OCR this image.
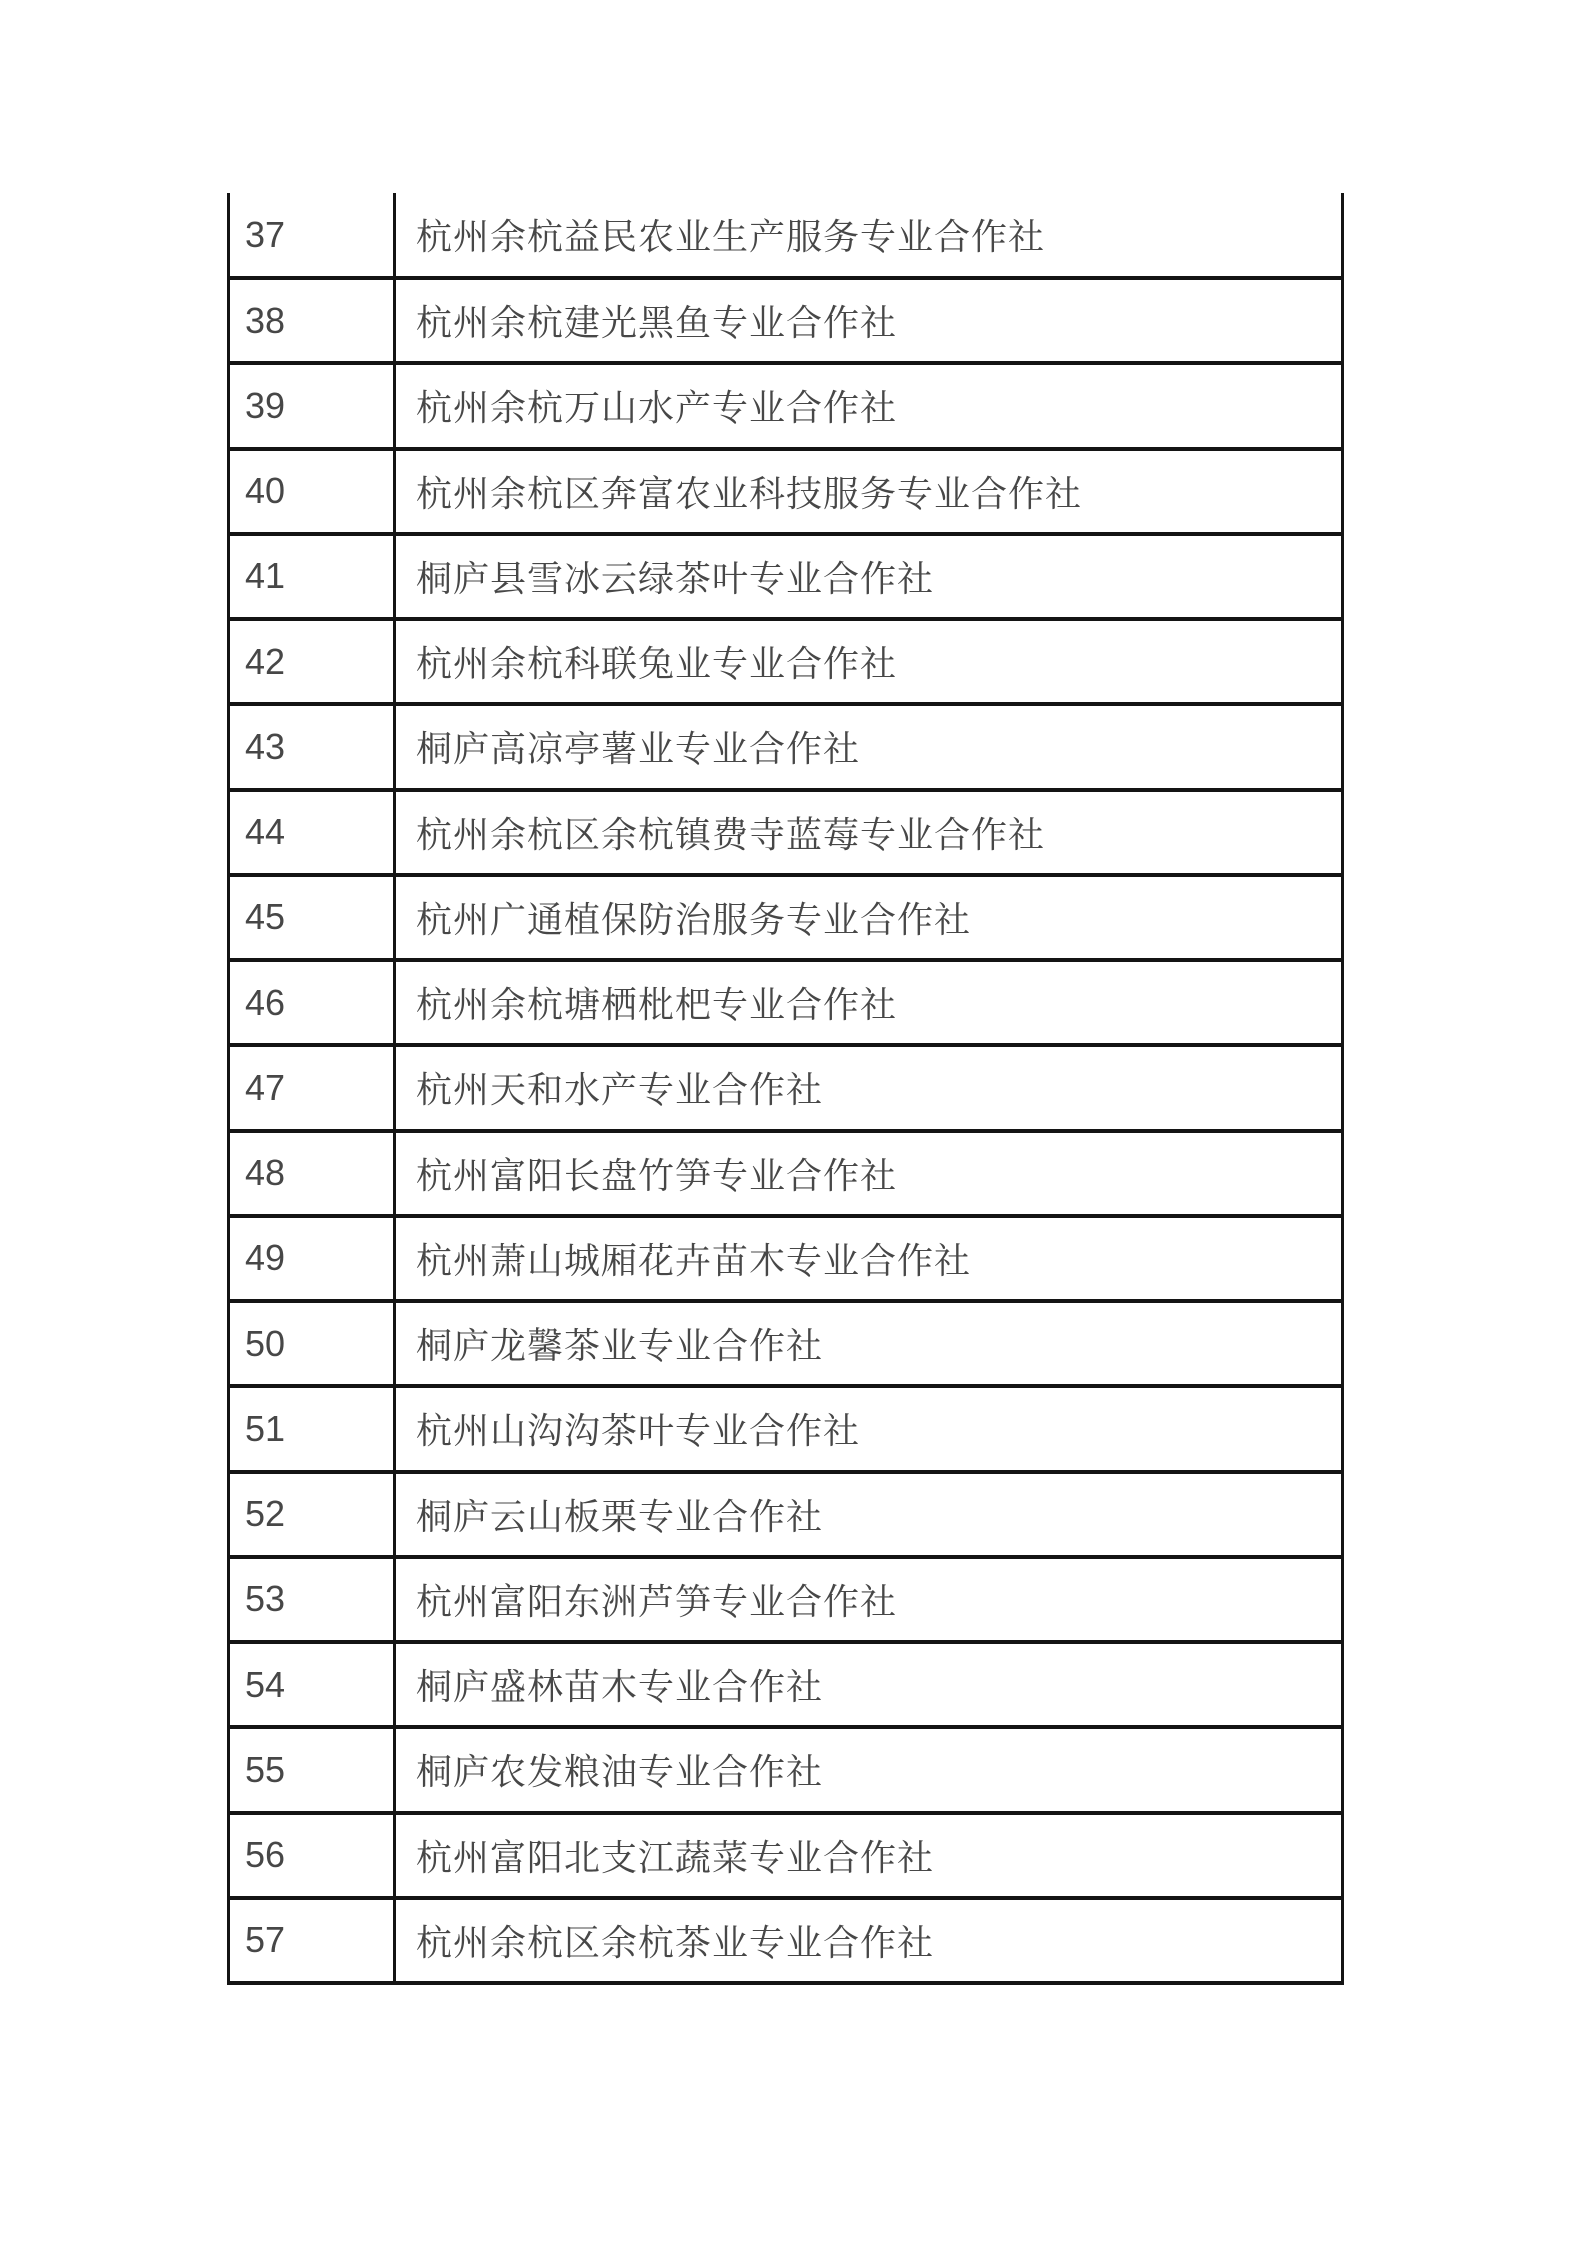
37	杭州余杭益民农业生产服务专业合作社
38	杭州余杭建光黑鱼专业合作社
39	杭州余杭万山水产专业合作社
40	杭州余杭区奔富农业科技服务专业合作社
41	桐庐县雪冰云绿茶叶专业合作社
42	杭州余杭科联兔业专业合作社
43	桐庐高凉亭薯业专业合作社
44	杭州余杭区余杭镇费寺蓝莓专业合作社
45	杭州广通植保防治服务专业合作社
46	杭州余杭塘栖枇杷专业合作社
47	杭州天和水产专业合作社
48	杭州富阳长盘竹笋专业合作社
49	杭州萧山城厢花卉苗木专业合作社
50	桐庐龙馨茶业专业合作社
51	杭州山沟沟茶叶专业合作社
52	桐庐云山板栗专业合作社
53	杭州富阳东洲芦笋专业合作社
54	桐庐盛林苗木专业合作社
55	桐庐农发粮油专业合作社
56	杭州富阳北支江蔬菜专业合作社
57	杭州余杭区余杭茶业专业合作社
